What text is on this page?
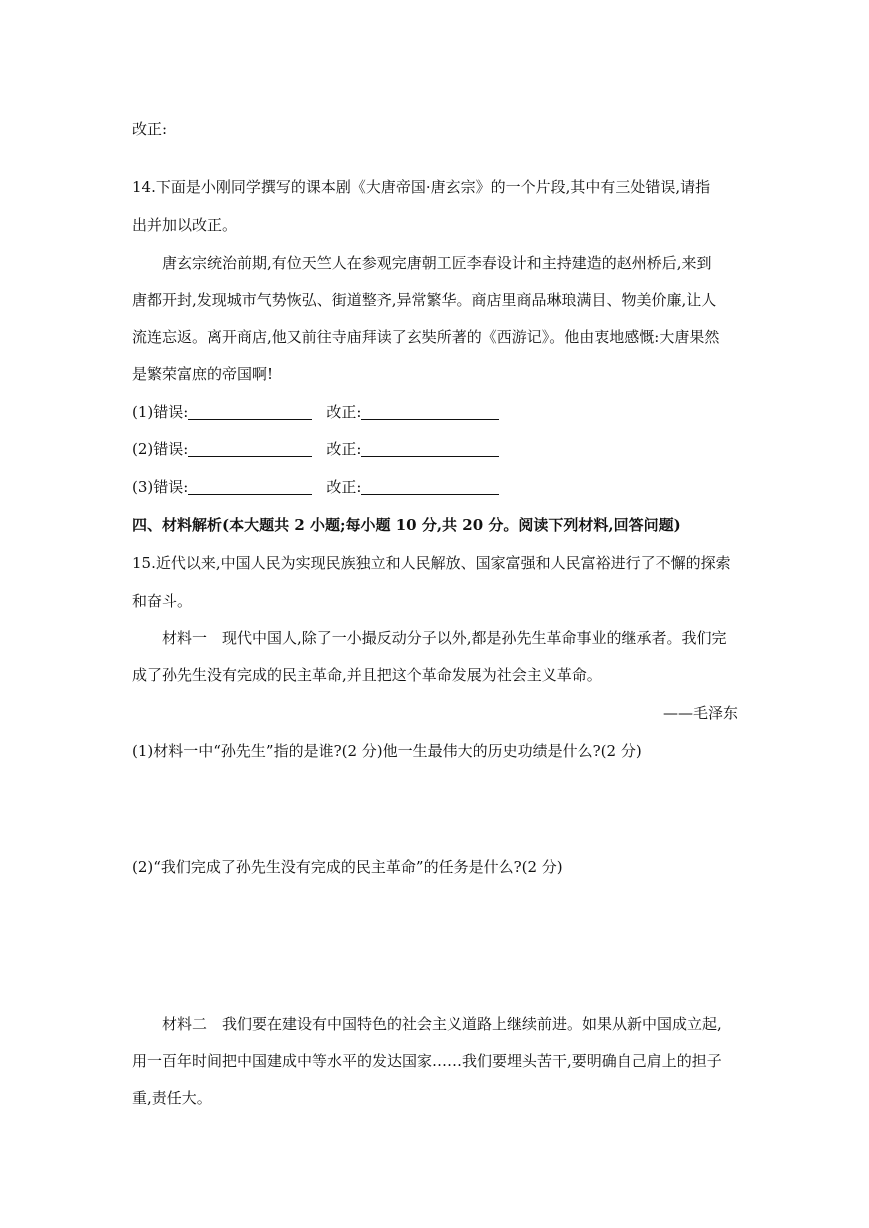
改正:
14.下面是小刚同学撰写的课本剧《大唐帝国·唐玄宗》的一个片段,其中有三处错误,请指
出并加以改正。
唐玄宗统治前期,有位天竺人在参观完唐朝工匠李春设计和主持建造的赵州桥后,来到
唐都开封,发现城市气势恢弘、街道整齐,异常繁华。商店里商品琳琅满目、物美价廉,让人
流连忘返。离开商店,他又前往寺庙拜读了玄奘所著的《西游记》。他由衷地感慨:大唐果然
是繁荣富庶的帝国啊!
(1)错误:	改正:
(2)错误:	改正:
(3)错误:	改正:
四、材料解析(本大题共 2 小题;每小题 10 分,共 20 分。阅读下列材料,回答问题)
15.近代以来,中国人民为实现民族独立和人民解放、国家富强和人民富裕进行了不懈的探索
和奋斗。
材料一　现代中国人,除了一小撮反动分子以外,都是孙先生革命事业的继承者。我们完
成了孙先生没有完成的民主革命,并且把这个革命发展为社会主义革命。
——毛泽东
(1)材料一中“孙先生”指的是谁?(2 分)他一生最伟大的历史功绩是什么?(2 分)
(2)“我们完成了孙先生没有完成的民主革命”的任务是什么?(2 分)
材料二　我们要在建设有中国特色的社会主义道路上继续前进。如果从新中国成立起,
用一百年时间把中国建成中等水平的发达国家……我们要埋头苦干,要明确自己肩上的担子
重,责任大。
